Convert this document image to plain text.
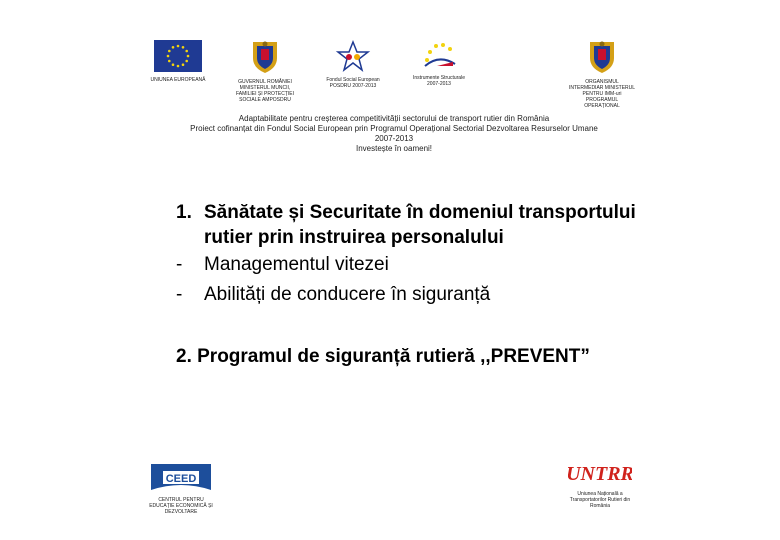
UNIUNEA EUROPEANĂ	GUVERNUL ROMÂNIEI MINISTERUL MUNCII, FAMILIEI ȘI PROTECȚIEI SOCIALE AMPOSDRU
Fondul Social European POSDRU 2007-2013
Instrumente Structurale 2007-2013	ORGANISMUL INTERMEDIAR MINISTERUL PENTRU IMM-uri PROGRAMUL OPERAȚIONAL
Adaptabilitate pentru creșterea competitivității sectorului de transport rutier din România
Proiect cofinanțat din Fondul Social European prin Programul Operațional Sectorial Dezvoltarea Resurselor Umane
2007-2013
Investește în oameni!
1. Sănătate și Securitate în domeniul transportului
rutier prin instruirea personalului
-	Managementul vitezei
-	Abilități de conducere în siguranță
2. Programul de siguranță rutieră ,,PREVENT”
CEED
CENTRUL PENTRU EDUCAȚIE ECONOMICĂ ȘI DEZVOLTARE
UNTRR
Uniunea Națională a Transportatorilor Rutieri din România
